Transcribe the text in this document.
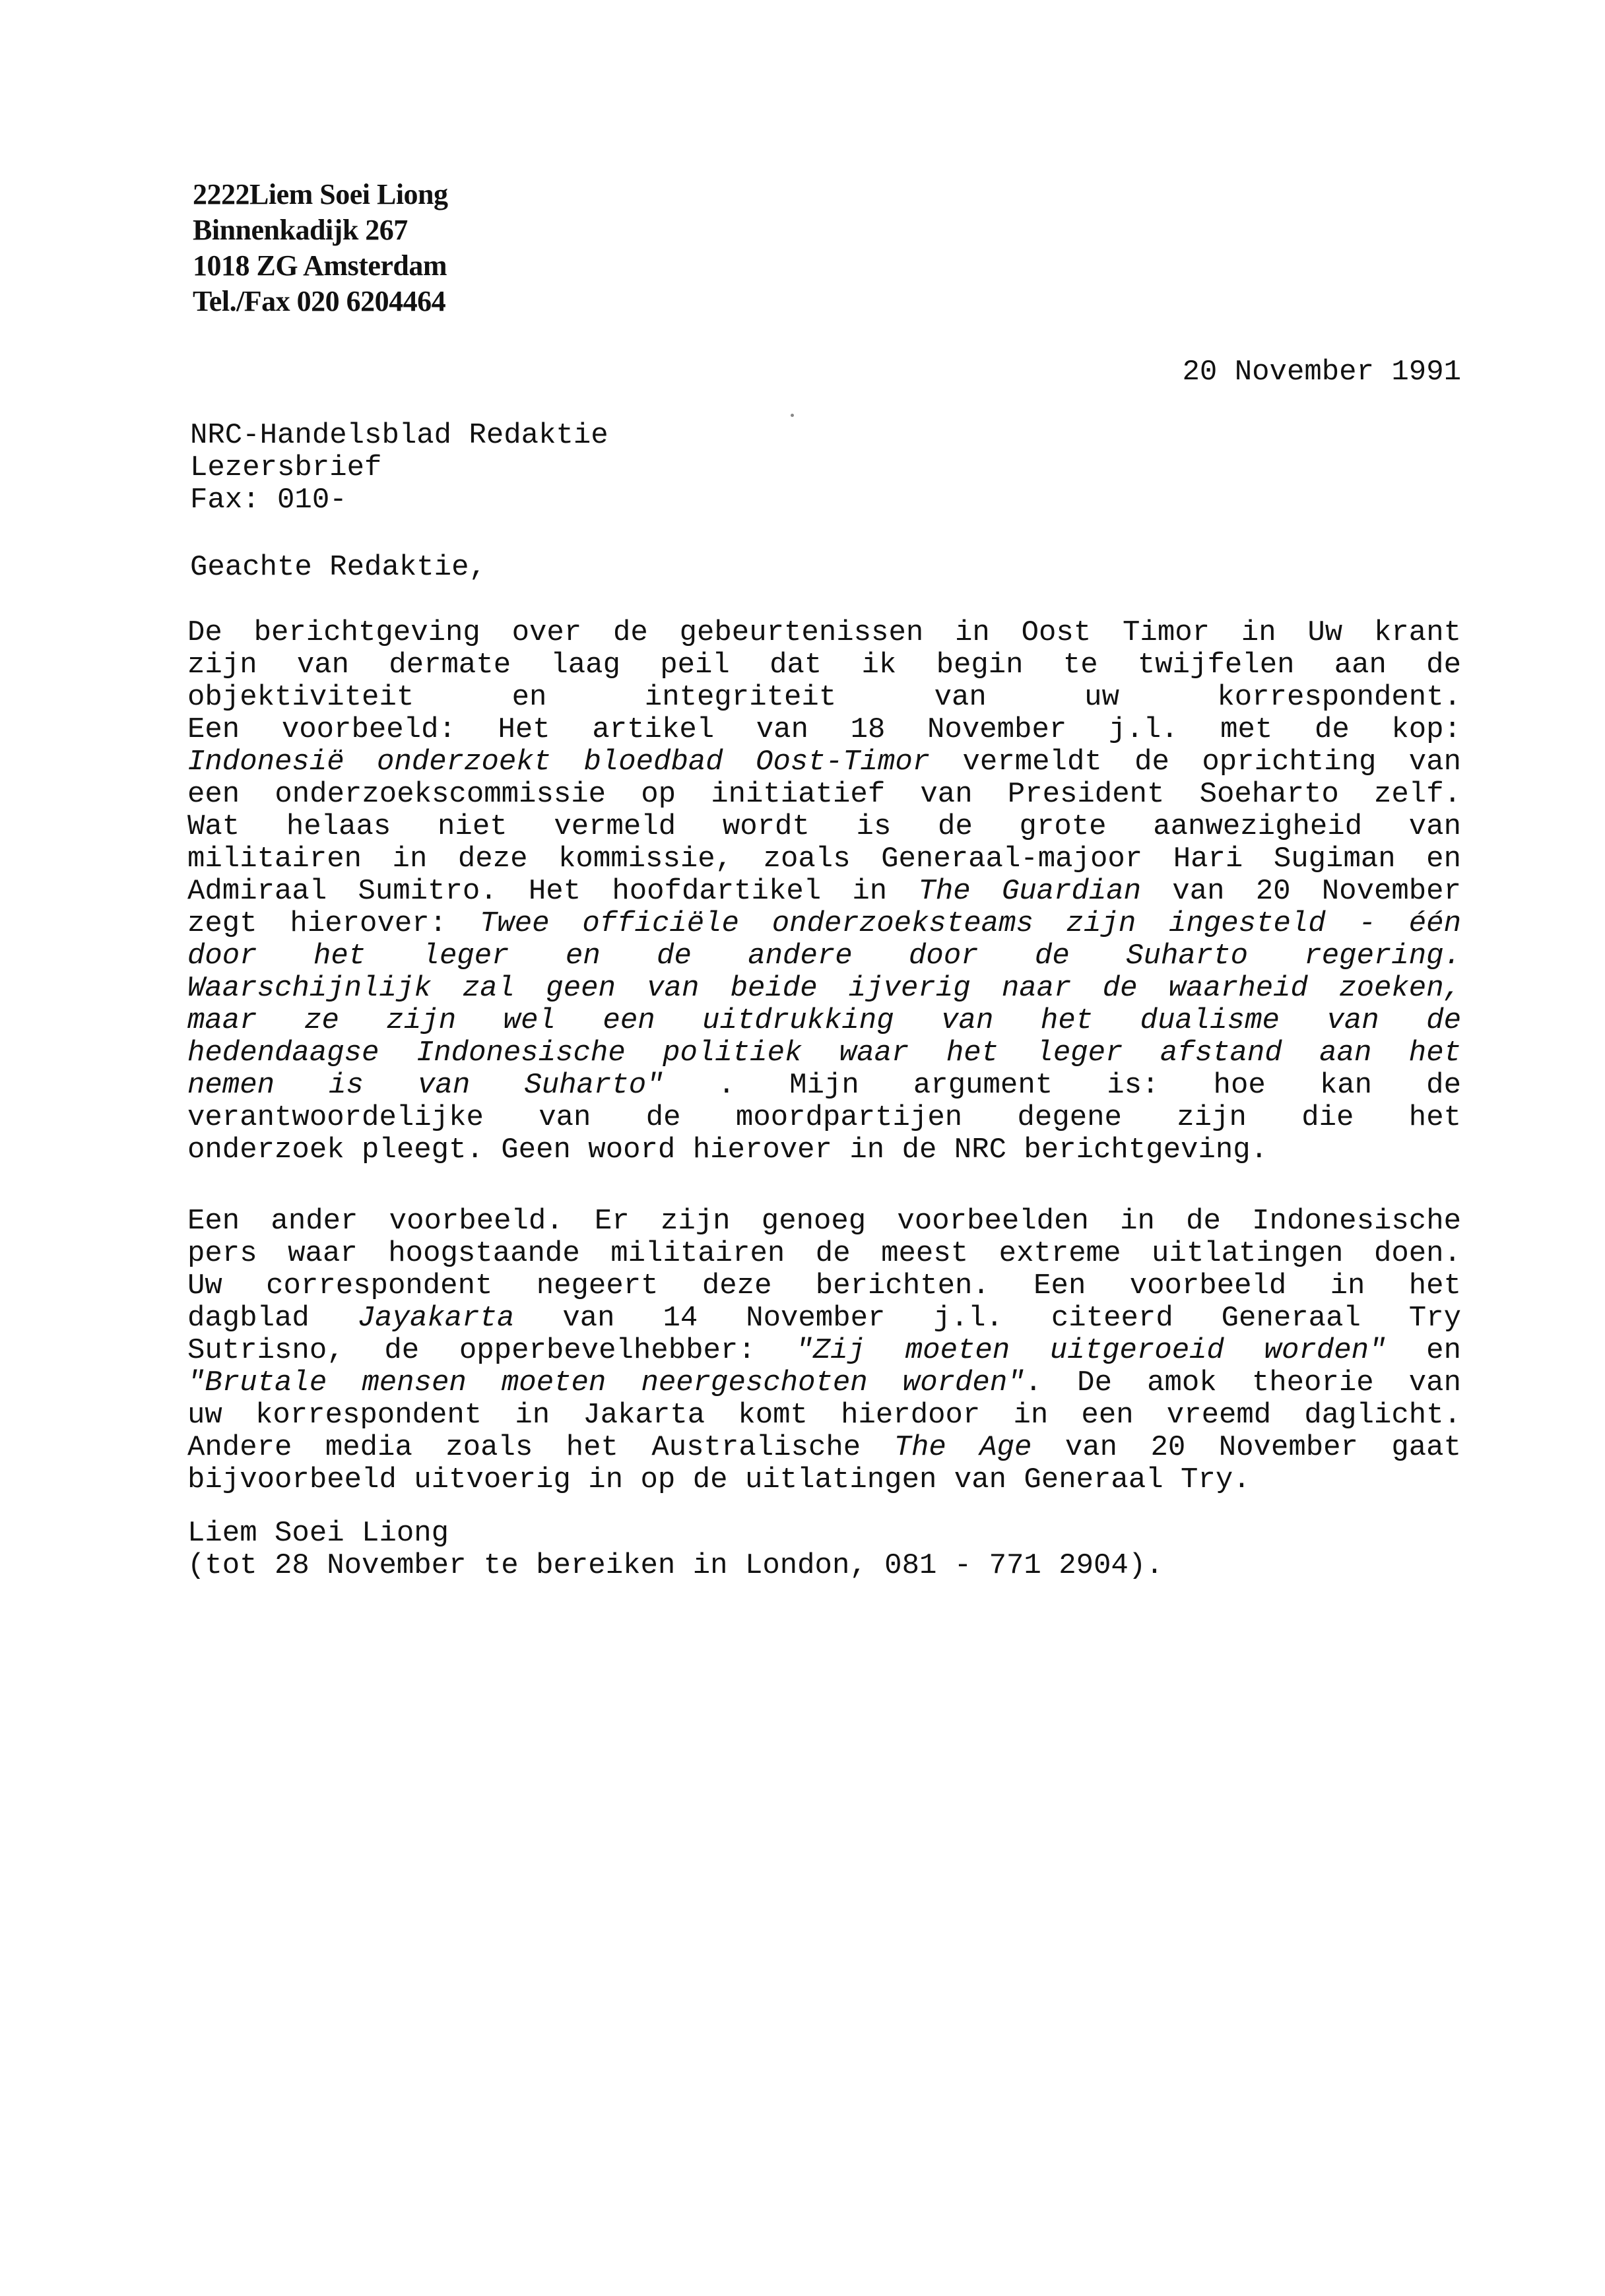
2222Liem Soei Liong
Binnenkadijk 267
1018 ZG Amsterdam
Tel./Fax 020 6204464
20 November 1991
NRC-Handelsblad Redaktie
Lezersbrief
Fax: 010-
Geachte Redaktie,
De berichtgeving over de gebeurtenissen in Oost Timor in Uw krant
zijn van dermate laag peil dat ik begin te twijfelen aan de
objektiviteit en integriteit van uw korrespondent.
Een voorbeeld: Het artikel van 18 November j.l. met de kop:
Indonesië onderzoekt bloedbad Oost-Timor vermeldt de oprichting van
een onderzoekscommissie op initiatief van President Soeharto zelf.
Wat helaas niet vermeld wordt is de grote aanwezigheid van
militairen in deze kommissie, zoals Generaal-majoor Hari Sugiman en
Admiraal Sumitro. Het hoofdartikel in The Guardian van 20 November
zegt hierover: Twee officiële onderzoeksteams zijn ingesteld - één
door het leger en de andere door de Suharto regering.
Waarschijnlijk zal geen van beide ijverig naar de waarheid zoeken,
maar ze zijn wel een uitdrukking van het dualisme van de
hedendaagse Indonesische politiek waar het leger afstand aan het
nemen is van Suharto" . Mijn argument is: hoe kan de
verantwoordelijke van de moordpartijen degene zijn die het
onderzoek pleegt. Geen woord hierover in de NRC berichtgeving.
Een ander voorbeeld. Er zijn genoeg voorbeelden in de Indonesische
pers waar hoogstaande militairen de meest extreme uitlatingen doen.
Uw correspondent negeert deze berichten. Een voorbeeld in het
dagblad Jayakarta van 14 November j.l. citeerd Generaal Try
Sutrisno, de opperbevelhebber: "Zij moeten uitgeroeid worden" en
"Brutale mensen moeten neergeschoten worden". De amok theorie van
uw korrespondent in Jakarta komt hierdoor in een vreemd daglicht.
Andere media zoals het Australische The Age van 20 November gaat
bijvoorbeeld uitvoerig in op de uitlatingen van Generaal Try.
Liem Soei Liong
(tot 28 November te bereiken in London, 081 - 771 2904).
